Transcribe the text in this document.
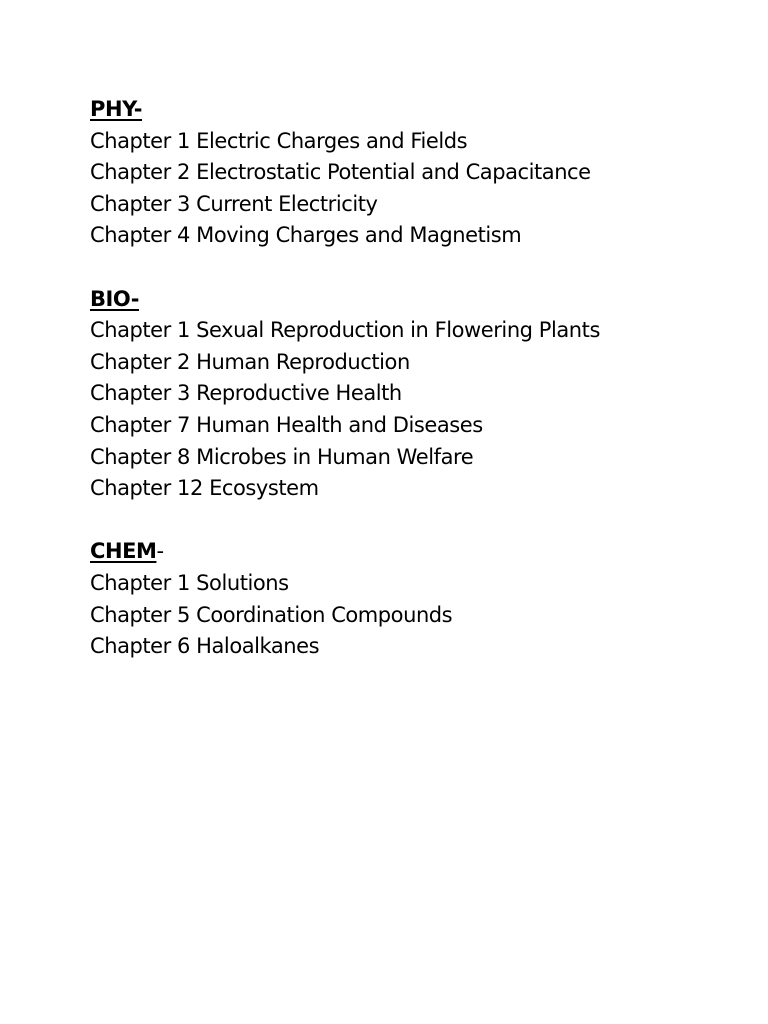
PHY-
Chapter 1 Electric Charges and Fields
Chapter 2 Electrostatic Potential and Capacitance
Chapter 3 Current Electricity
Chapter 4 Moving Charges and Magnetism
BIO-
Chapter 1 Sexual Reproduction in Flowering Plants
Chapter 2 Human Reproduction
Chapter 3 Reproductive Health
Chapter 7 Human Health and Diseases
Chapter 8 Microbes in Human Welfare
Chapter 12 Ecosystem
CHEM-
Chapter 1 Solutions
Chapter 5 Coordination Compounds
Chapter 6 Haloalkanes
